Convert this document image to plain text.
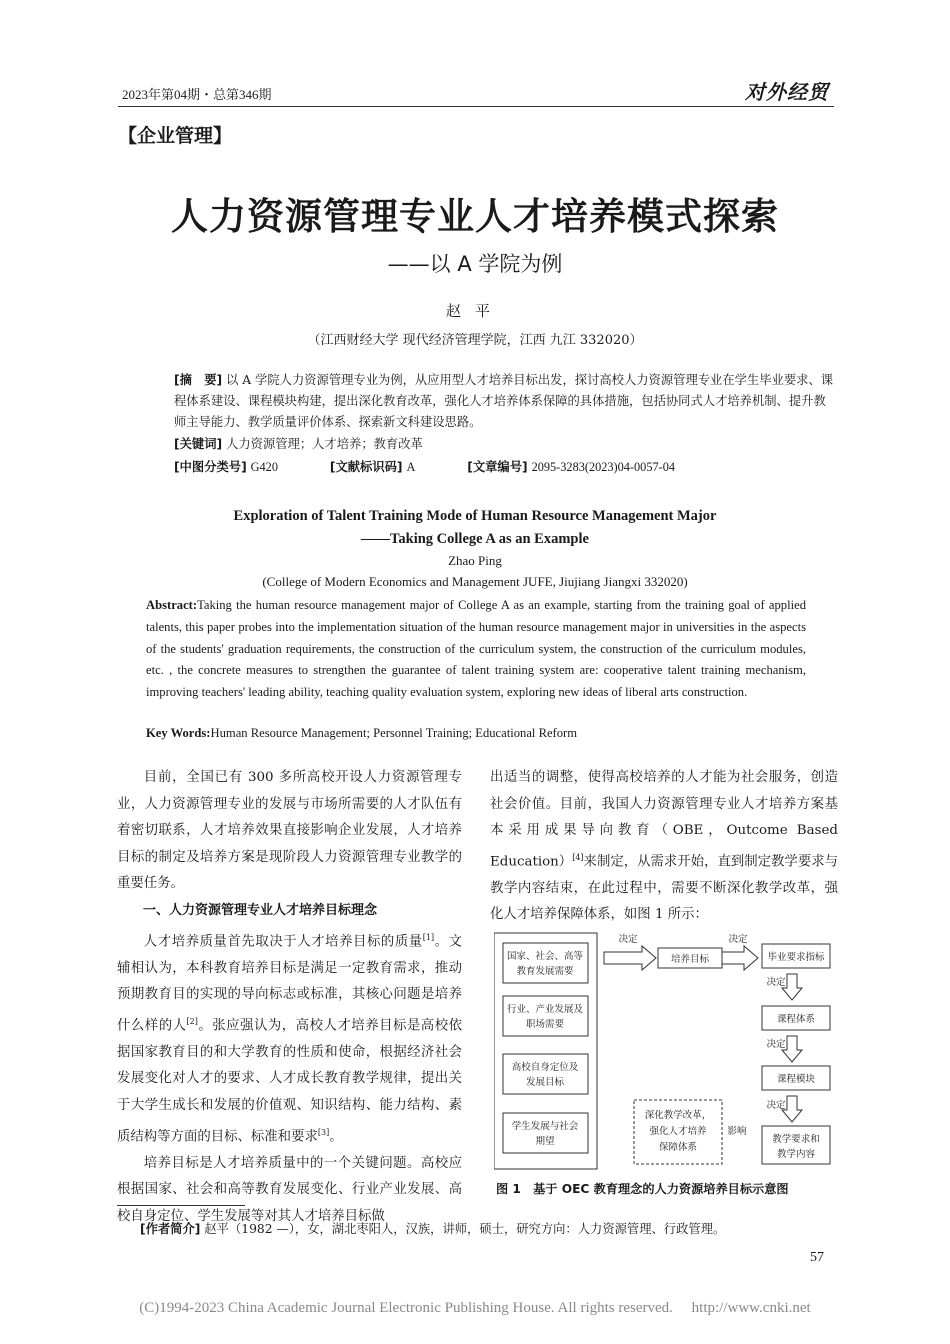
2023年第04期・总第346期	对外经贸
【企业管理】
人力资源管理专业人才培养模式探索
——以 A 学院为例
赵平
（江西财经大学 现代经济管理学院，江西 九江 332020）
[摘　要] 以 A 学院人力资源管理专业为例，从应用型人才培养目标出发，探讨高校人力资源管理专业在学生毕业要求、课程体系建设、课程模块构建，提出深化教育改革，强化人才培养体系保障的具体措施，包括协同式人才培养机制、提升教师主导能力、教学质量评价体系、探索新文科建设思路。
[关键词] 人力资源管理；人才培养；教育改革
[中图分类号] G420	[文献标识码] A	[文章编号] 2095-3283(2023)04-0057-04
Exploration of Talent Training Mode of Human Resource Management Major
——Taking College A as an Example
Zhao Ping
(College of Modern Economics and Management JUFE, Jiujiang Jiangxi 332020)
Abstract:Taking the human resource management major of College A as an example, starting from the training goal of applied talents, this paper probes into the implementation situation of the human resource management major in universities in the aspects of the students' graduation requirements, the construction of the curriculum system, the construction of the curriculum modules, etc. , the concrete measures to strengthen the guarantee of talent training system are: cooperative talent training mechanism, improving teachers' leading ability, teaching quality evaluation system, exploring new ideas of liberal arts construction.
Key Words:Human Resource Management; Personnel Training; Educational Reform

目前，全国已有 300 多所高校开设人力资源管理专业，人力资源管理专业的发展与市场所需要的人才队伍有着密切联系，人才培养效果直接影响企业发展，人才培养目标的制定及培养方案是现阶段人力资源管理专业教学的重要任务。

一、人力资源管理专业人才培养目标理念

人才培养质量首先取决于人才培养目标的质量[1]。文辅相认为，本科教育培养目标是满足一定教育需求，推动预期教育目的实现的导向标志或标准，其核心问题是培养什么样的人[2]。张应强认为，高校人才培养目标是高校依据国家教育目的和大学教育的性质和使命，根据经济社会发展变化对人才的要求、人才成长教育教学规律，提出关于大学生成长和发展的价值观、知识结构、能力结构、素质结构等方面的目标、标准和要求[3]。

培养目标是人才培养质量中的一个关键问题。高校应根据国家、社会和高等教育发展变化、行业产业发展、高校自身定位、学生发展等对其人才培养目标做

出适当的调整，使得高校培养的人才能为社会服务，创造社会价值。目前，我国人力资源管理专业人才培养方案基本采用成果导向教育（OBE，Outcome Based Education）[4]来制定，从需求开始，直到制定教学要求与教学内容结束，在此过程中，需要不断深化教学改革，强化人才培养保障体系，如图 1 所示：

国家、社会、高等
教育发展需要
行业、产业发展及
职场需要
高校自身定位及
发展目标
学生发展与社会
期望
决定
培养目标
决定
毕业要求指标
决定
课程体系
决定
课程模块
决定
教学要求和
教学内容
深化教学改革，
强化人才培养
保障体系
影响
图 1　基于 OEC 教育理念的人力资源培养目标示意图
[作者简介] 赵平（1982 —），女，湖北枣阳人，汉族，讲师，硕士，研究方向：人力资源管理、行政管理。
57
(C)1994-2023 China Academic Journal Electronic Publishing House. All rights reserved.　 http://www.cnki.net
